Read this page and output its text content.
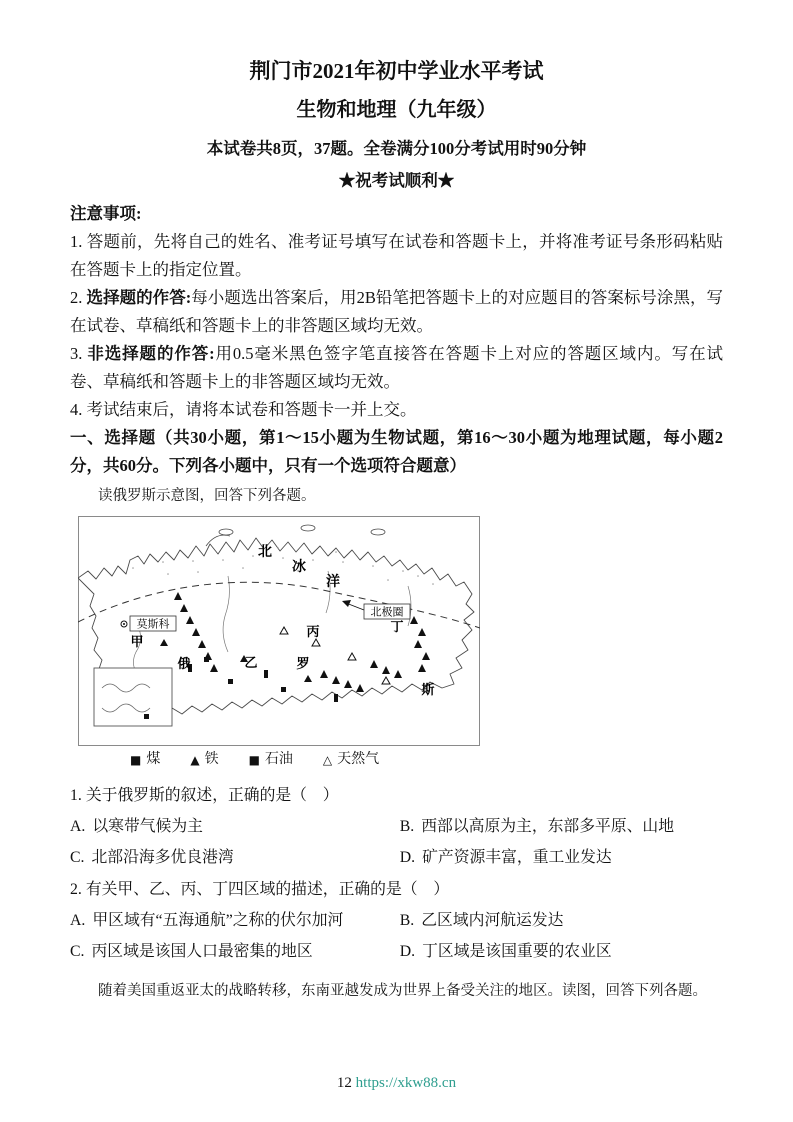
荆门市2021年初中学业水平考试
生物和地理（九年级）

本试卷共8页，37题。全卷满分100分考试用时90分钟

★祝考试顺利★

注意事项:

1. 答题前，先将自己的姓名、准考证号填写在试卷和答题卡上，并将准考证号条形码粘贴在答题卡上的指定位置。

2. 选择题的作答:每小题选出答案后，用2B铅笔把答题卡上的对应题目的答案标号涂黑，写在试卷、草稿纸和答题卡上的非答题区域均无效。

3. 非选择题的作答:用0.5毫米黑色签字笔直接答在答题卡上对应的答题区域内。写在试卷、草稿纸和答题卡上的非答题区域均无效。

4. 考试结束后，请将本试卷和答题卡一并上交。

一、选择题（共30小题，第1～15小题为生物试题，第16～30小题为地理试题，每小题2分，共60分。下列各小题中，只有一个选项符合题意）

读俄罗斯示意图，回答下列各题。

莫斯科
北极圈
北
冰
洋
甲
乙
丙	丁
俄	罗
斯
■ 煤	▲ 铁	■ 石油	△ 天然气

1. 关于俄罗斯的叙述，正确的是（　）

A. 以寒带气候为主	B. 西部以高原为主，东部多平原、山地
C. 北部沿海多优良港湾	D. 矿产资源丰富，重工业发达

2. 有关甲、乙、丙、丁四区域的描述，正确的是（　）

A. 甲区域有“五海通航”之称的伏尔加河	B. 乙区域内河航运发达
C. 丙区域是该国人口最密集的地区	D. 丁区域是该国重要的农业区

随着美国重返亚太的战略转移，东南亚越发成为世界上备受关注的地区。读图，回答下列各题。

12 https://xkw88.cn
